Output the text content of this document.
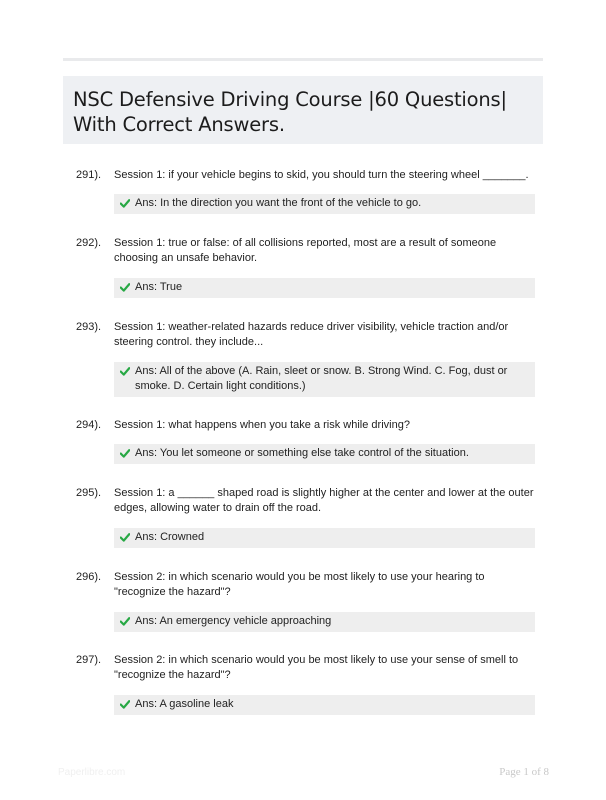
NSC Defensive Driving Course |60 Questions| With Correct Answers.
291). Session 1: if your vehicle begins to skid, you should turn the steering wheel _______.
Ans: In the direction you want the front of the vehicle to go.
292). Session 1: true or false: of all collisions reported, most are a result of someone choosing an unsafe behavior.
Ans: True
293). Session 1: weather-related hazards reduce driver visibility, vehicle traction and/or steering control. they include...
Ans: All of the above (A. Rain, sleet or snow. B. Strong Wind. C. Fog, dust or smoke. D. Certain light conditions.)
294). Session 1: what happens when you take a risk while driving?
Ans: You let someone or something else take control of the situation.
295). Session 1: a ______ shaped road is slightly higher at the center and lower at the outer edges, allowing water to drain off the road.
Ans: Crowned
296). Session 2: in which scenario would you be most likely to use your hearing to "recognize the hazard"?
Ans: An emergency vehicle approaching
297). Session 2: in which scenario would you be most likely to use your sense of smell to "recognize the hazard"?
Ans: A gasoline leak
Paperlibre.com	Page 1 of 8
